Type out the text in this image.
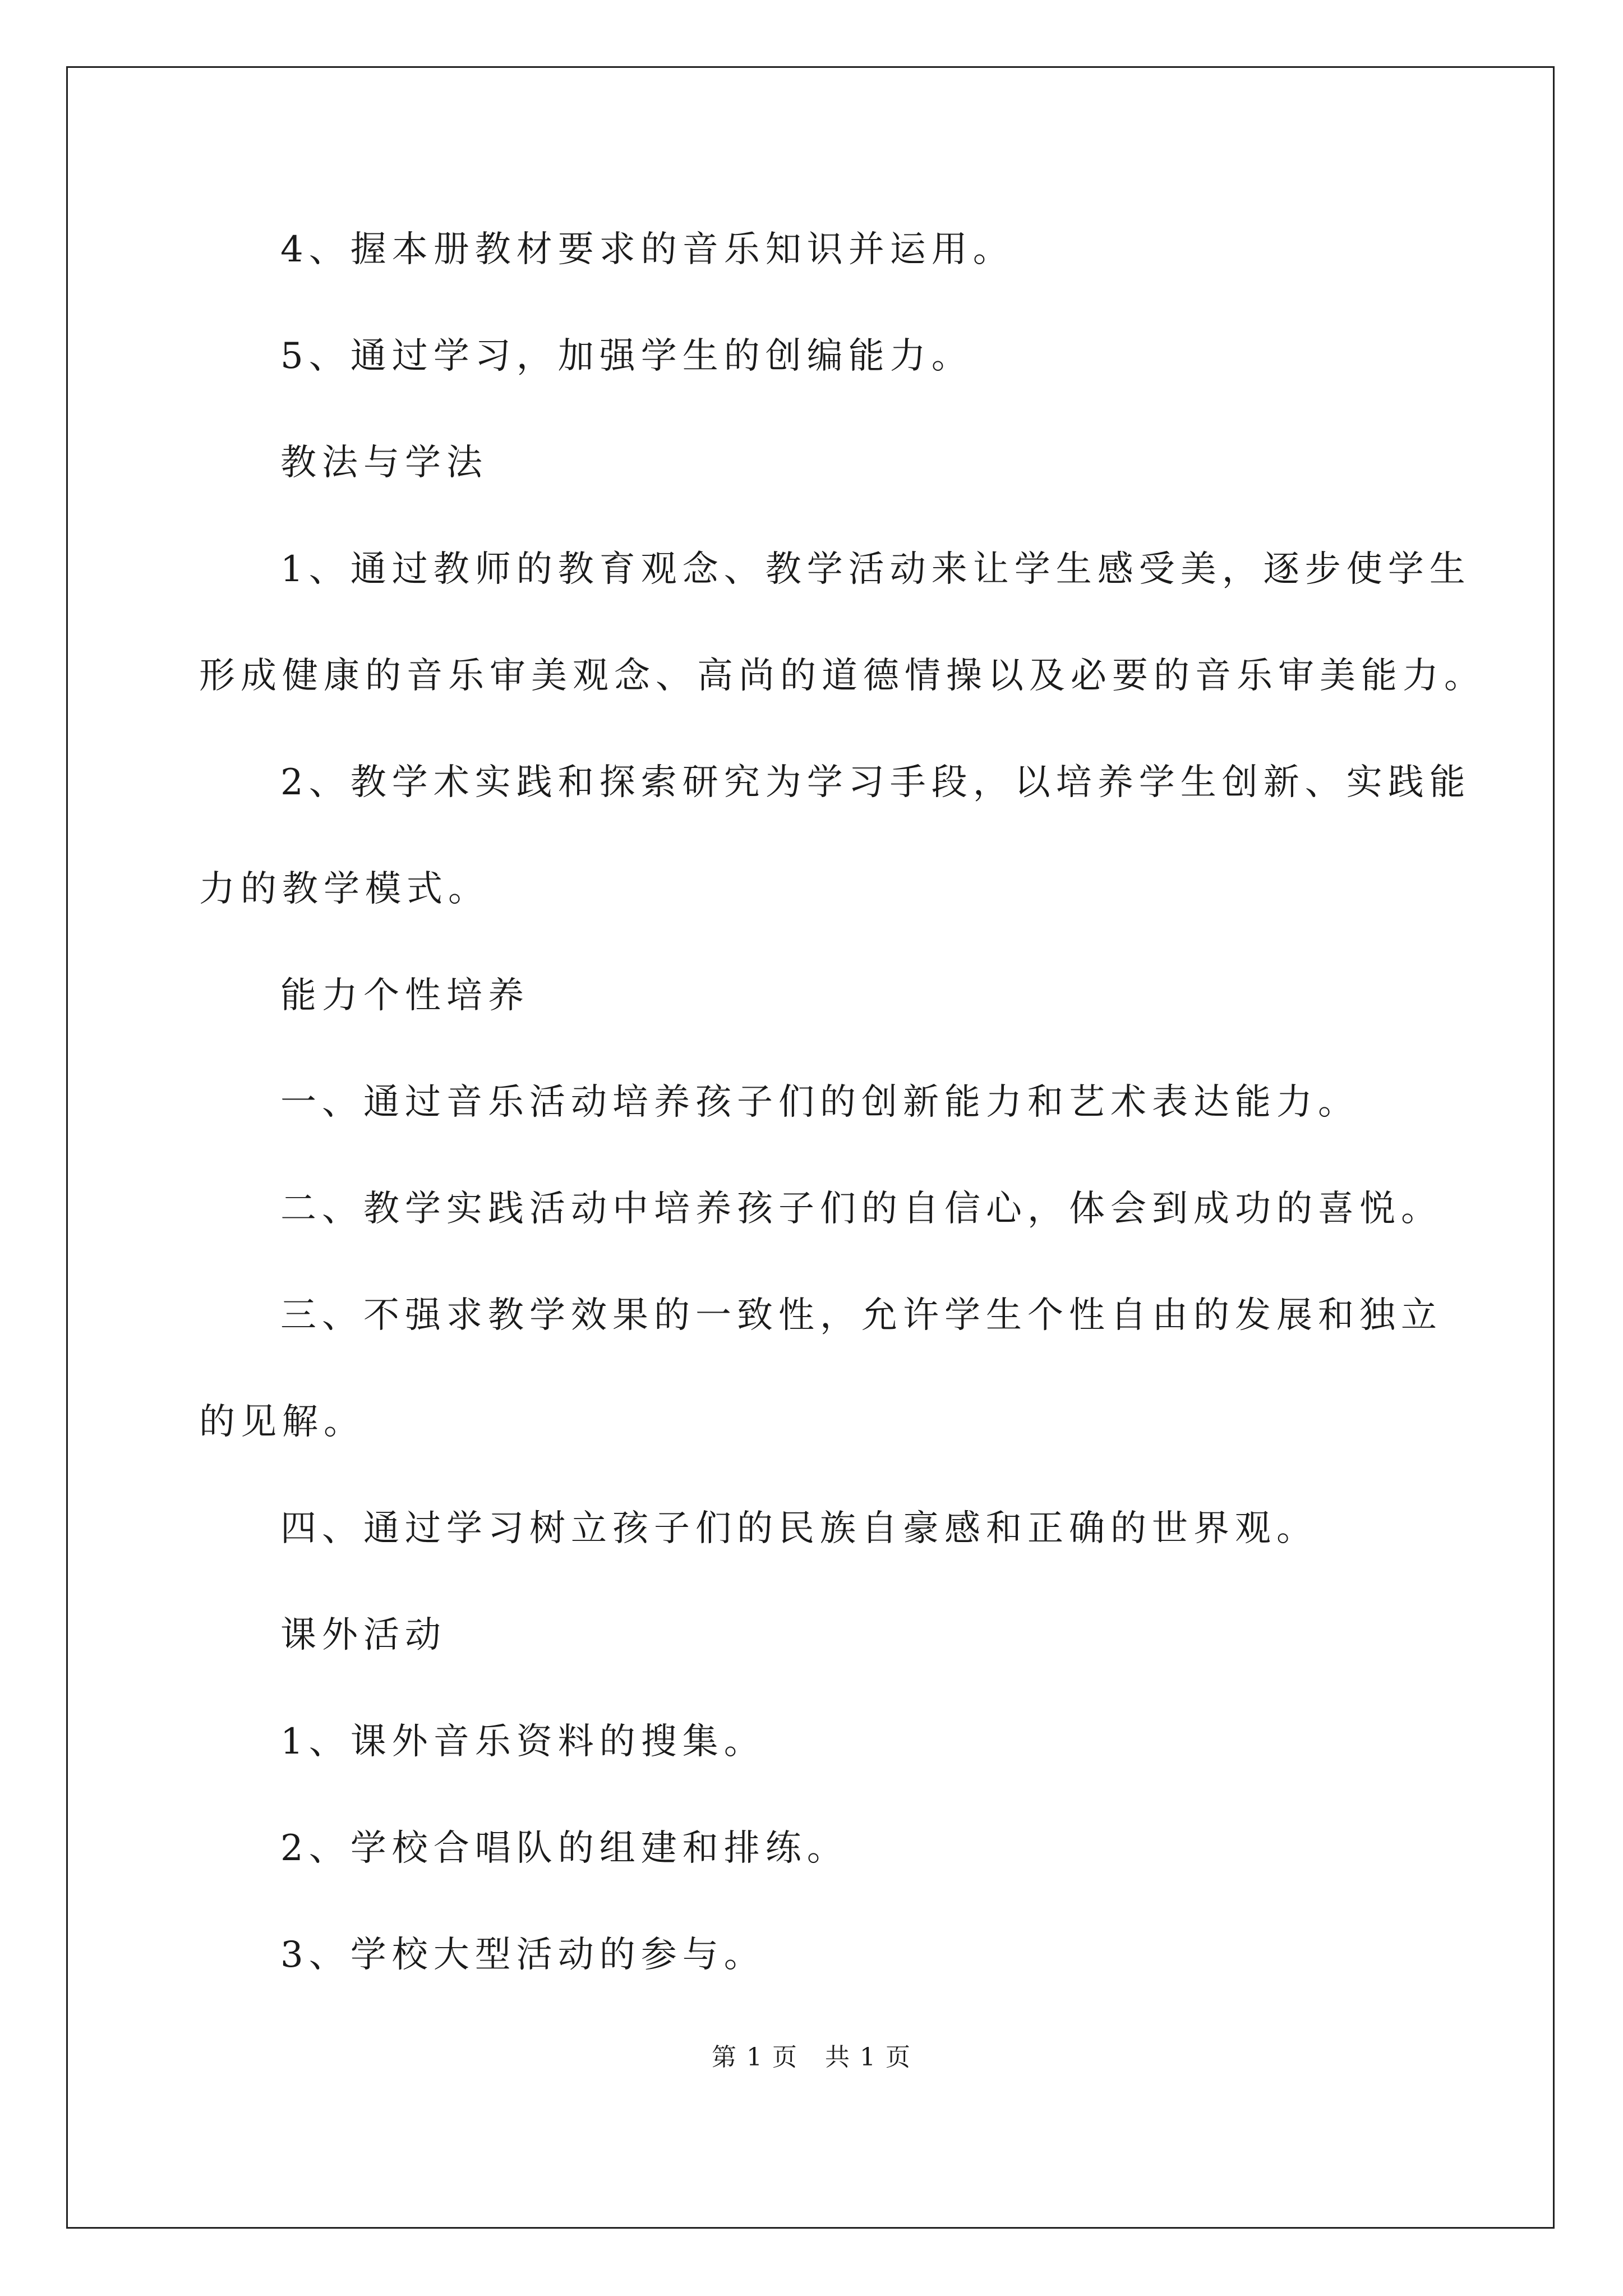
4、握本册教材要求的音乐知识并运用。
5、通过学习，加强学生的创编能力。
教法与学法
1、通过教师的教育观念、教学活动来让学生感受美，逐步使学生
形成健康的音乐审美观念、高尚的道德情操以及必要的音乐审美能力。
2、教学术实践和探索研究为学习手段，以培养学生创新、实践能
力的教学模式。
能力个性培养
一、通过音乐活动培养孩子们的创新能力和艺术表达能力。
二、教学实践活动中培养孩子们的自信心，体会到成功的喜悦。
三、不强求教学效果的一致性，允许学生个性自由的发展和独立
的见解。
四、通过学习树立孩子们的民族自豪感和正确的世界观。
课外活动
1、课外音乐资料的搜集。
2、学校合唱队的组建和排练。
3、学校大型活动的参与。
第 1 页   共 1 页
